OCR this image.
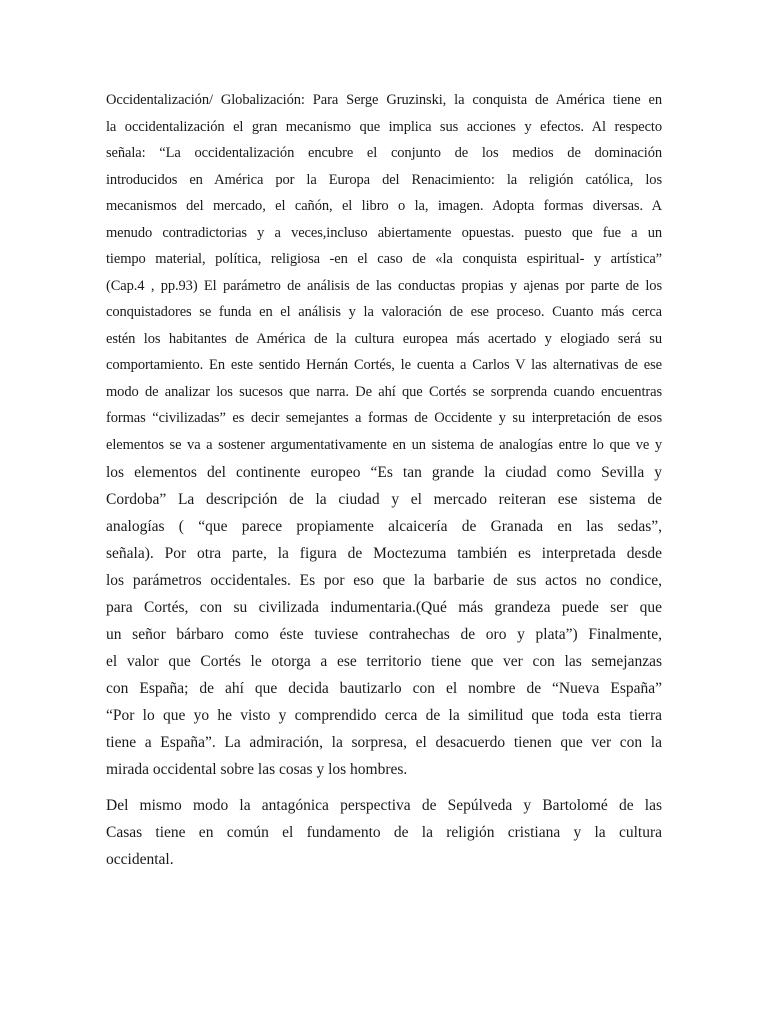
Occidentalización/ Globalización: Para Serge Gruzinski, la conquista de América tiene en

la occidentalización el gran mecanismo que implica sus acciones y efectos. Al respecto

señala: “La occidentalización encubre el conjunto de los medios de dominación

introducidos en América por la Europa del Renacimiento: la religión católica, los

mecanismos del mercado, el cañón, el libro o la, imagen. Adopta formas diversas. A

menudo contradictorias y a veces,incluso abiertamente opuestas. puesto que fue a un

tiempo material, política, religiosa -en el caso de «la conquista espiritual- y artística”

(Cap.4 , pp.93) El parámetro de análisis de las conductas propias y ajenas por parte de los

conquistadores se funda en el análisis y la valoración de ese proceso. Cuanto más cerca

estén los habitantes de América de la cultura europea más acertado y elogiado será su

comportamiento. En este sentido Hernán Cortés, le cuenta a Carlos V las alternativas de ese

modo de analizar los sucesos que narra. De ahí que Cortés se sorprenda cuando encuentras

formas “civilizadas” es decir semejantes a formas de Occidente y su interpretación de esos

elementos se va a sostener argumentativamente en un sistema de analogías entre lo que ve y

los elementos del continente europeo “Es tan grande la ciudad como Sevilla y

Cordoba” La descripción de la ciudad y el mercado reiteran ese sistema de

analogías ( “que parece propiamente alcaicería de Granada en las sedas”,

señala). Por otra parte, la figura de Moctezuma también es interpretada desde

los parámetros occidentales. Es por eso que la barbarie de sus actos no condice,

para Cortés, con su civilizada indumentaria.(Qué más grandeza puede ser que

un señor bárbaro como éste tuviese contrahechas de oro y plata”) Finalmente,

el valor que Cortés le otorga a ese territorio tiene que ver con las semejanzas

con España; de ahí que decida bautizarlo con el nombre de “Nueva España”

“Por lo que yo he visto y comprendido cerca de la similitud que toda esta tierra

tiene a España”. La admiración, la sorpresa, el desacuerdo tienen que ver con la

mirada occidental sobre las cosas y los hombres.

Del mismo modo la antagónica perspectiva de Sepúlveda y Bartolomé de las

Casas tiene en común el fundamento de la religión cristiana y la cultura

occidental.
